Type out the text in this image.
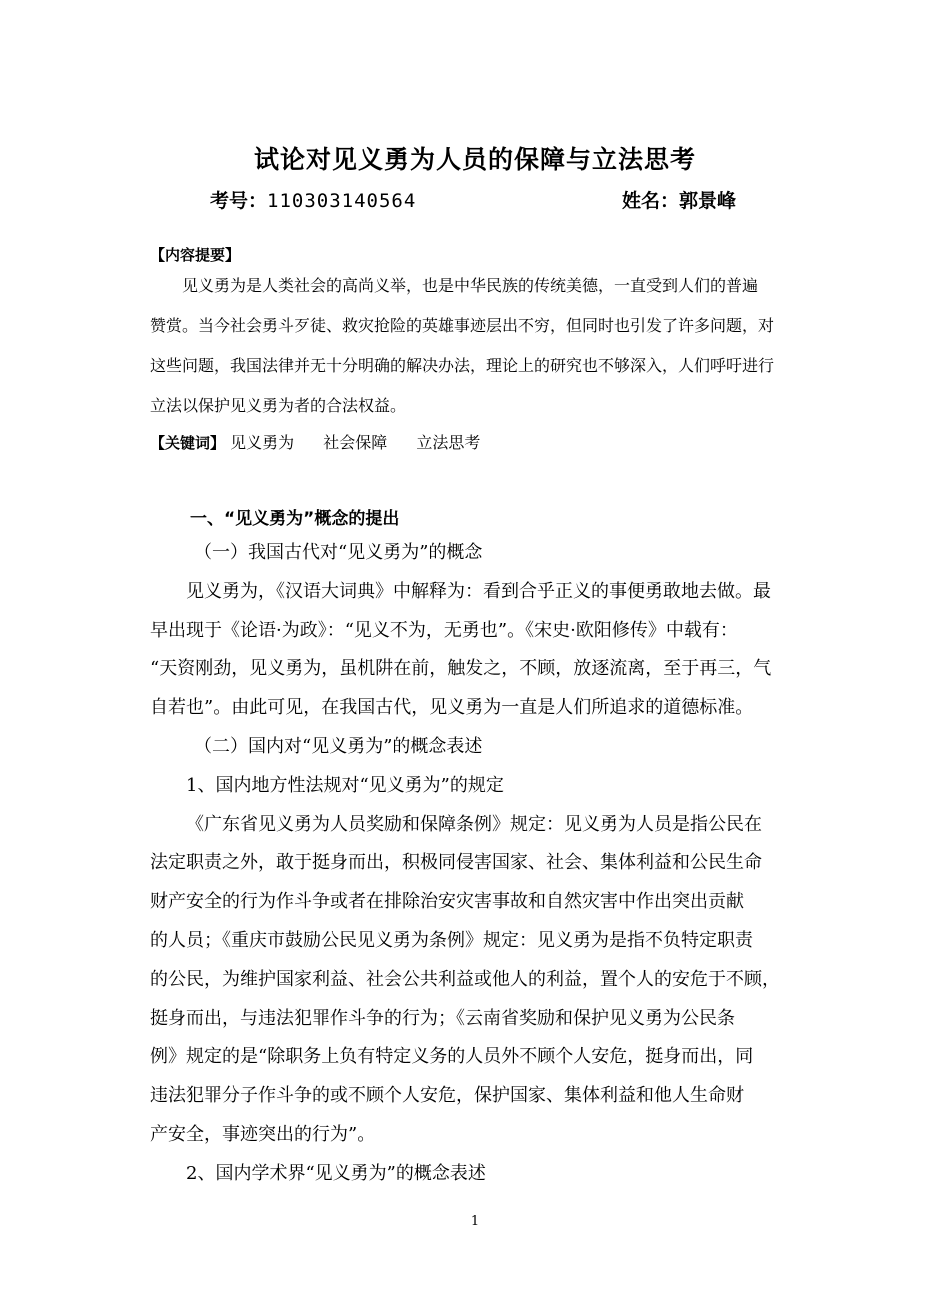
试论对见义勇为人员的保障与立法思考
考号：110303140564	姓名：郭景峰
【内容提要】
见义勇为是人类社会的高尚义举，也是中华民族的传统美德，一直受到人们的普遍
赞赏。当今社会勇斗歹徒、救灾抢险的英雄事迹层出不穷，但同时也引发了许多问题，对
这些问题，我国法律并无十分明确的解决办法，理论上的研究也不够深入，人们呼吁进行
立法以保护见义勇为者的合法权益。
【关键词】 见义勇为 社会保障 立法思考
一、“见义勇为”概念的提出
（一）我国古代对“见义勇为”的概念
见义勇为，《汉语大词典》中解释为：看到合乎正义的事便勇敢地去做。最
早出现于《论语·为政》：“见义不为，无勇也”。《宋史·欧阳修传》中载有：
“天资刚劲，见义勇为，虽机阱在前，触发之，不顾，放逐流离，至于再三，气
自若也”。由此可见，在我国古代，见义勇为一直是人们所追求的道德标准。
（二）国内对“见义勇为”的概念表述
1、国内地方性法规对“见义勇为”的规定
《广东省见义勇为人员奖励和保障条例》规定：见义勇为人员是指公民在
法定职责之外，敢于挺身而出，积极同侵害国家、社会、集体利益和公民生命
财产安全的行为作斗争或者在排除治安灾害事故和自然灾害中作出突出贡献
的人员；《重庆市鼓励公民见义勇为条例》规定：见义勇为是指不负特定职责
的公民，为维护国家利益、社会公共利益或他人的利益，置个人的安危于不顾，
挺身而出，与违法犯罪作斗争的行为；《云南省奖励和保护见义勇为公民条
例》规定的是“除职务上负有特定义务的人员外不顾个人安危，挺身而出，同
违法犯罪分子作斗争的或不顾个人安危，保护国家、集体利益和他人生命财
产安全，事迹突出的行为”。
2、国内学术界“见义勇为”的概念表述
1
